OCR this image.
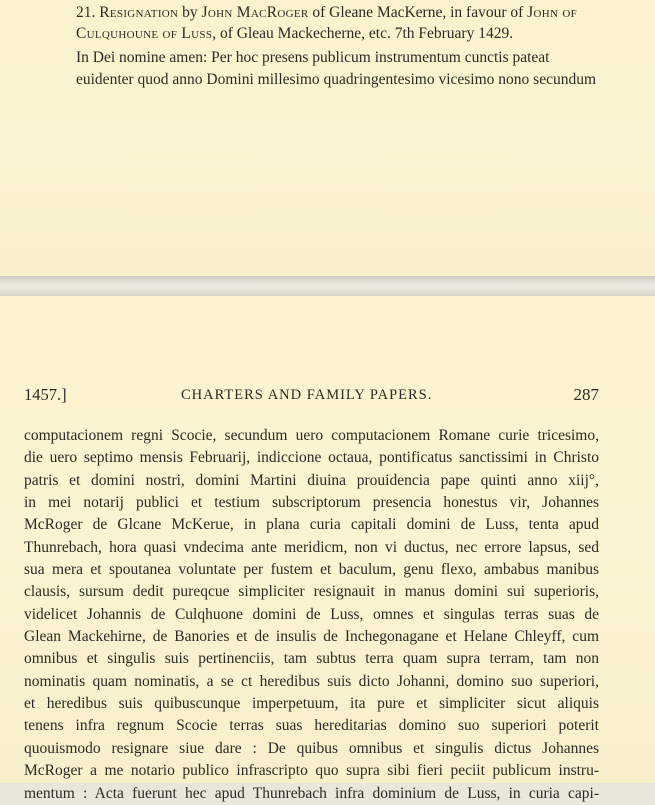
21. Resignation by John MacRoger of Gleane MacKerne, in favour of John of
Culquhoune of Luss, of Gleau Mackecherne, etc. 7th February 1429.

In Dei nomine amen: Per hoc presens publicum instrumentum cunctis pateat
euidenter quod anno Domini millesimo quadringentesimo vicesimo nono secundum
1457.]	CHARTERS AND FAMILY PAPERS.	287
computacionem regni Scocie, secundum uero computacionem Romane curie tricesimo,
die uero septimo mensis Februarij, indiccione octaua, pontificatus sanctissimi in Christo
patris et domini nostri, domini Martini diuina prouidencia pape quinti anno xiij°,
in mei notarij publici et testium subscriptorum presencia honestus vir, Johannes
McRoger de Glcane McKerue, in plana curia capitali domini de Luss, tenta apud
Thunrebach, hora quasi vndecima ante meridicm, non vi ductus, nec errore lapsus, sed
sua mera et spoutanea voluntate per fustem et baculum, genu flexo, ambabus manibus
clausis, sursum dedit pureqcue simpliciter resignauit in manus domini sui superioris,
videlicet Johannis de Culqhuone domini de Luss, omnes et singulas terras suas de
Glean Mackehirne, de Banories et de insulis de Inchegonagane et Helane Chleyff, cum
omnibus et singulis suis pertinenciis, tam subtus terra quam supra terram, tam non
nominatis quam nominatis, a se ct heredibus suis dicto Johanni, domino suo superiori,
et heredibus suis quibuscunque imperpetuum, ita pure et simpliciter sicut aliquis
tenens infra regnum Scocie terras suas hereditarias domino suo superiori poterit
quouismodo resignare siue dare : De quibus omnibus et singulis dictus Johannes
McRoger a me notario publico infrascripto quo supra sibi fieri peciit publicum instru-
mentum : Acta fuerunt hec apud Thunrebach infra dominium de Luss, in curia capi-
